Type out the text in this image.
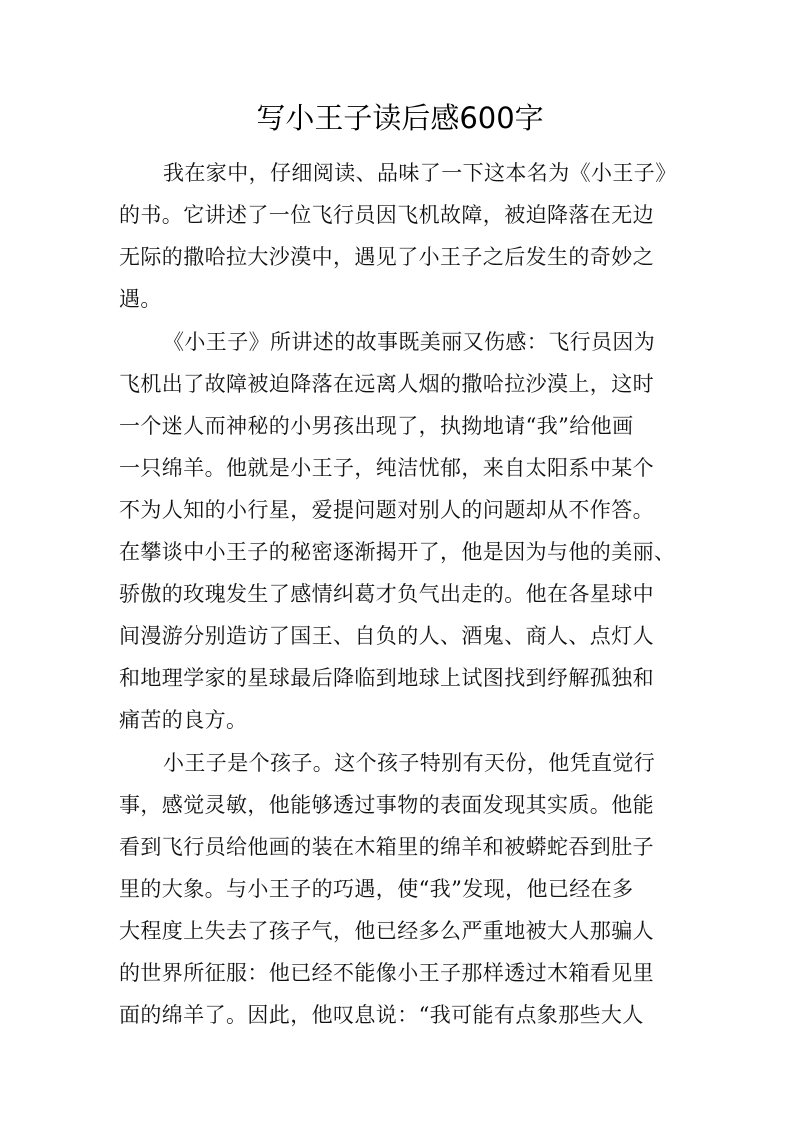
写小王子读后感600字
我在家中，仔细阅读、品味了一下这本名为《小王子》
的书。它讲述了一位飞行员因飞机故障，被迫降落在无边
无际的撒哈拉大沙漠中，遇见了小王子之后发生的奇妙之
遇。
《小王子》所讲述的故事既美丽又伤感：飞行员因为
飞机出了故障被迫降落在远离人烟的撒哈拉沙漠上，这时
一个迷人而神秘的小男孩出现了，执拗地请“我”给他画
一只绵羊。他就是小王子，纯洁忧郁，来自太阳系中某个
不为人知的小行星，爱提问题对别人的问题却从不作答。
在攀谈中小王子的秘密逐渐揭开了，他是因为与他的美丽、
骄傲的玫瑰发生了感情纠葛才负气出走的。他在各星球中
间漫游分别造访了国王、自负的人、酒鬼、商人、点灯人
和地理学家的星球最后降临到地球上试图找到纾解孤独和
痛苦的良方。
小王子是个孩子。这个孩子特别有天份，他凭直觉行
事，感觉灵敏，他能够透过事物的表面发现其实质。他能
看到飞行员给他画的装在木箱里的绵羊和被蟒蛇吞到肚子
里的大象。与小王子的巧遇，使“我”发现，他已经在多
大程度上失去了孩子气，他已经多么严重地被大人那骗人
的世界所征服：他已经不能像小王子那样透过木箱看见里
面的绵羊了。因此，他叹息说：“我可能有点象那些大人
